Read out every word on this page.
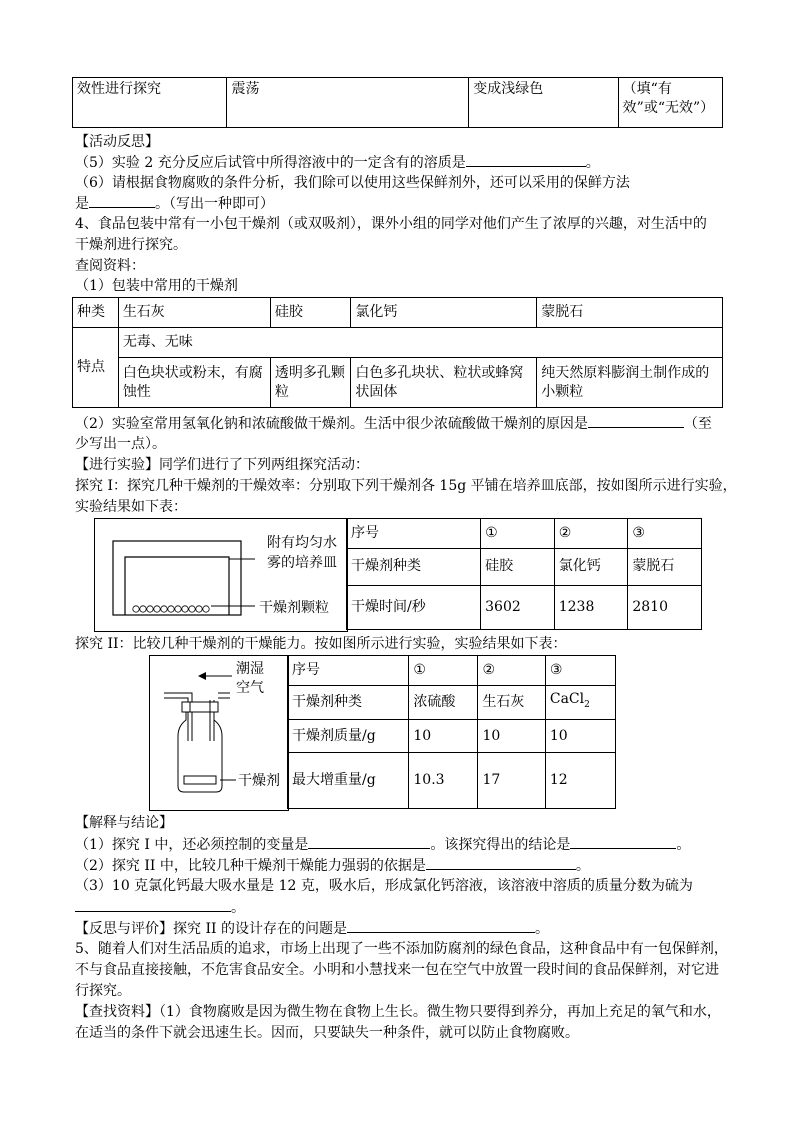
效性进行探究	震荡	变成浅绿色	（填“有效”或“无效”）
【活动反思】
（5）实验 2 充分反应后试管中所得溶液中的一定含有的溶质是	。
（6）请根据食物腐败的条件分析，我们除可以使用这些保鲜剂外，还可以采用的保鲜方法
是	。（写出一种即可）
4、食品包装中常有一小包干燥剂（或双吸剂），课外小组的同学对他们产生了浓厚的兴趣，对生活中的
干燥剂进行探究。
查阅资料：
（1）包装中常用的干燥剂
种类	生石灰	硅胶	氯化钙	蒙脱石
特点	无毒、无味			
	白色块状或粉末，有腐蚀性	透明多孔颗粒	白色多孔块状、粒状或蜂窝状固体	纯天然原料膨润土制作成的小颗粒
（2）实验室常用氢氧化钠和浓硫酸做干燥剂。生活中很少浓硫酸做干燥剂的原因是	（至
少写出一点）。
【进行实验】同学们进行了下列两组探究活动：
探究 I：探究几种干燥剂的干燥效率：分别取下列干燥剂各 15g 平铺在培养皿底部，按如图所示进行实验，
实验结果如下表：
附有均匀水雾的培养皿
干燥剂颗粒
序号	①	②	③
干燥剂种类	硅胶	氯化钙	蒙脱石
干燥时间/秒	3602	1238	2810
探究 II：比较几种干燥剂的干燥能力。按如图所示进行实验，实验结果如下表：
潮湿空气
干燥剂
序号	①	②	③
干燥剂种类	浓硫酸	生石灰	CaCl$_2$
干燥剂质量/g	10	10	10
最大增重量/g	10.3	17	12
【解释与结论】
（1）探究 I 中，还必须控制的变量是	。该探究得出的结论是	。
（2）探究 II 中，比较几种干燥剂干燥能力强弱的依据是	。
（3）10 克氯化钙最大吸水量是 12 克，吸水后，形成氯化钙溶液，该溶液中溶质的质量分数为硫为
。
【反思与评价】探究 II 的设计存在的问题是	。
5、随着人们对生活品质的追求，市场上出现了一些不添加防腐剂的绿色食品，这种食品中有一包保鲜剂，
不与食品直接接触，不危害食品安全。小明和小慧找来一包在空气中放置一段时间的食品保鲜剂，对它进
行探究。
【查找资料】（1）食物腐败是因为微生物在食物上生长。微生物只要得到养分，再加上充足的氧气和水，
在适当的条件下就会迅速生长。因而，只要缺失一种条件，就可以防止食物腐败。
